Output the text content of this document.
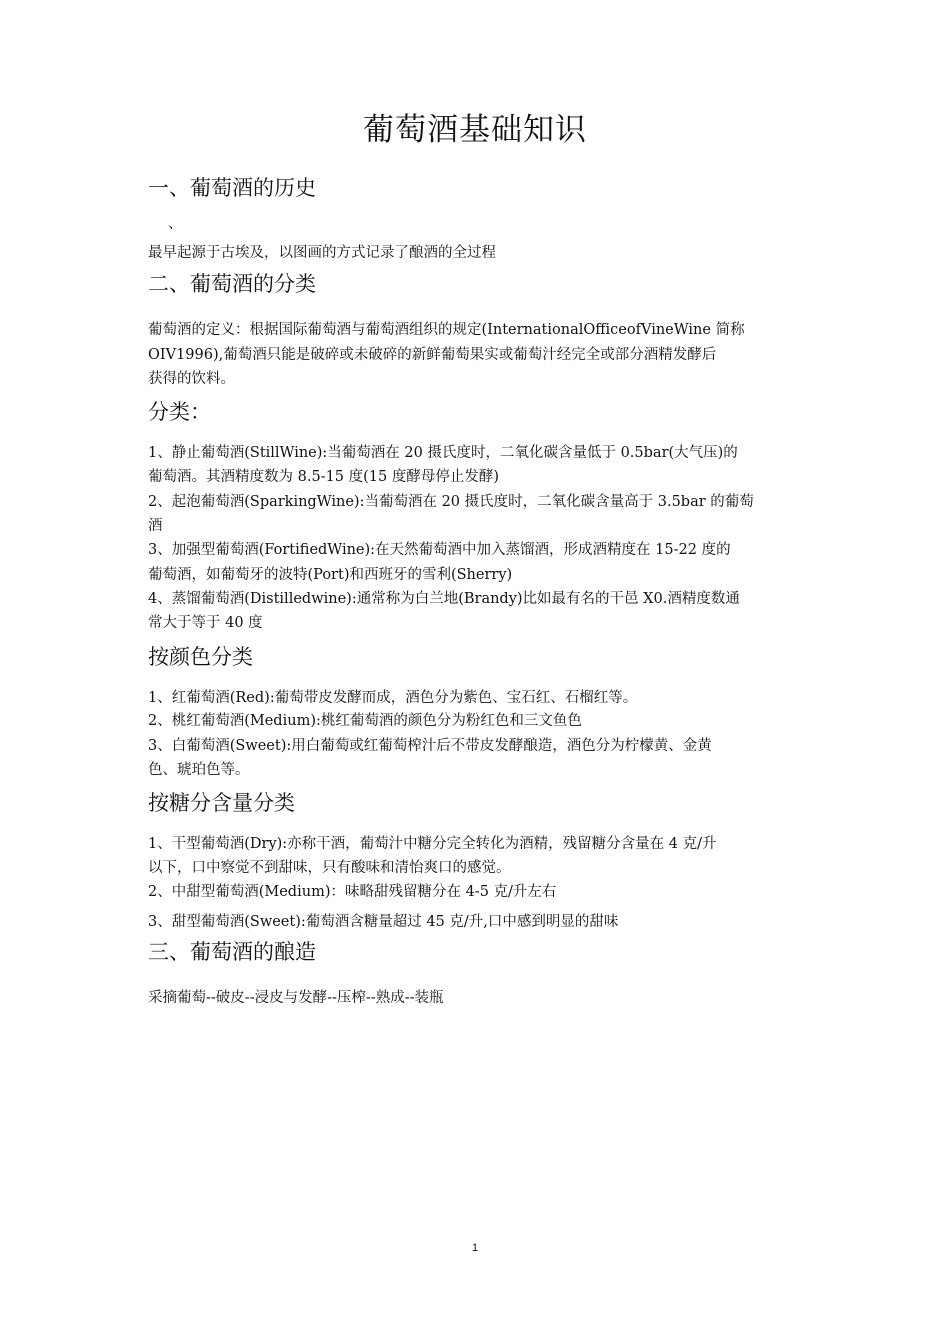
葡萄酒基础知识
一、葡萄酒的历史
、
最早起源于古埃及，以图画的方式记录了酿酒的全过程
二、葡萄酒的分类
葡萄酒的定义：根据国际葡萄酒与葡萄酒组织的规定(InternationalOfficeofVineWine 简称
OIV1996),葡萄酒只能是破碎或未破碎的新鲜葡萄果实或葡萄汁经完全或部分酒精发酵后
获得的饮料。
分类：
1、静止葡萄酒(StillWine):当葡萄酒在 20 摄氏度时，二氧化碳含量低于 0.5bar(大气压)的
葡萄酒。其酒精度数为 8.5-15 度(15 度酵母停止发酵)
2、起泡葡萄酒(SparkingWine):当葡萄酒在 20 摄氏度时，二氧化碳含量高于 3.5bar 的葡萄
酒
3、加强型葡萄酒(FortifiedWine):在天然葡萄酒中加入蒸馏酒，形成酒精度在 15-22 度的
葡萄酒，如葡萄牙的波特(Port)和西班牙的雪利(Sherry)
4、蒸馏葡萄酒(Distilledwine):通常称为白兰地(Brandy)比如最有名的干邑 X0.酒精度数通
常大于等于 40 度
按颜色分类
1、红葡萄酒(Red):葡萄带皮发酵而成，酒色分为紫色、宝石红、石榴红等。
2、桃红葡萄酒(Medium):桃红葡萄酒的颜色分为粉红色和三文鱼色
3、白葡萄酒(Sweet):用白葡萄或红葡萄榨汁后不带皮发酵酿造，酒色分为柠檬黄、金黄
色、琥珀色等。
按糖分含量分类
1、干型葡萄酒(Dry):亦称干酒，葡萄汁中糖分完全转化为酒精，残留糖分含量在 4 克/升
以下，口中察觉不到甜味，只有酸味和清怡爽口的感觉。
2、中甜型葡萄酒(Medium)：味略甜残留糖分在 4-5 克/升左右
3、甜型葡萄酒(Sweet):葡萄酒含糖量超过 45 克/升,口中感到明显的甜味
三、葡萄酒的酿造
采摘葡萄--破皮--浸皮与发酵--压榨--熟成--装瓶
1
